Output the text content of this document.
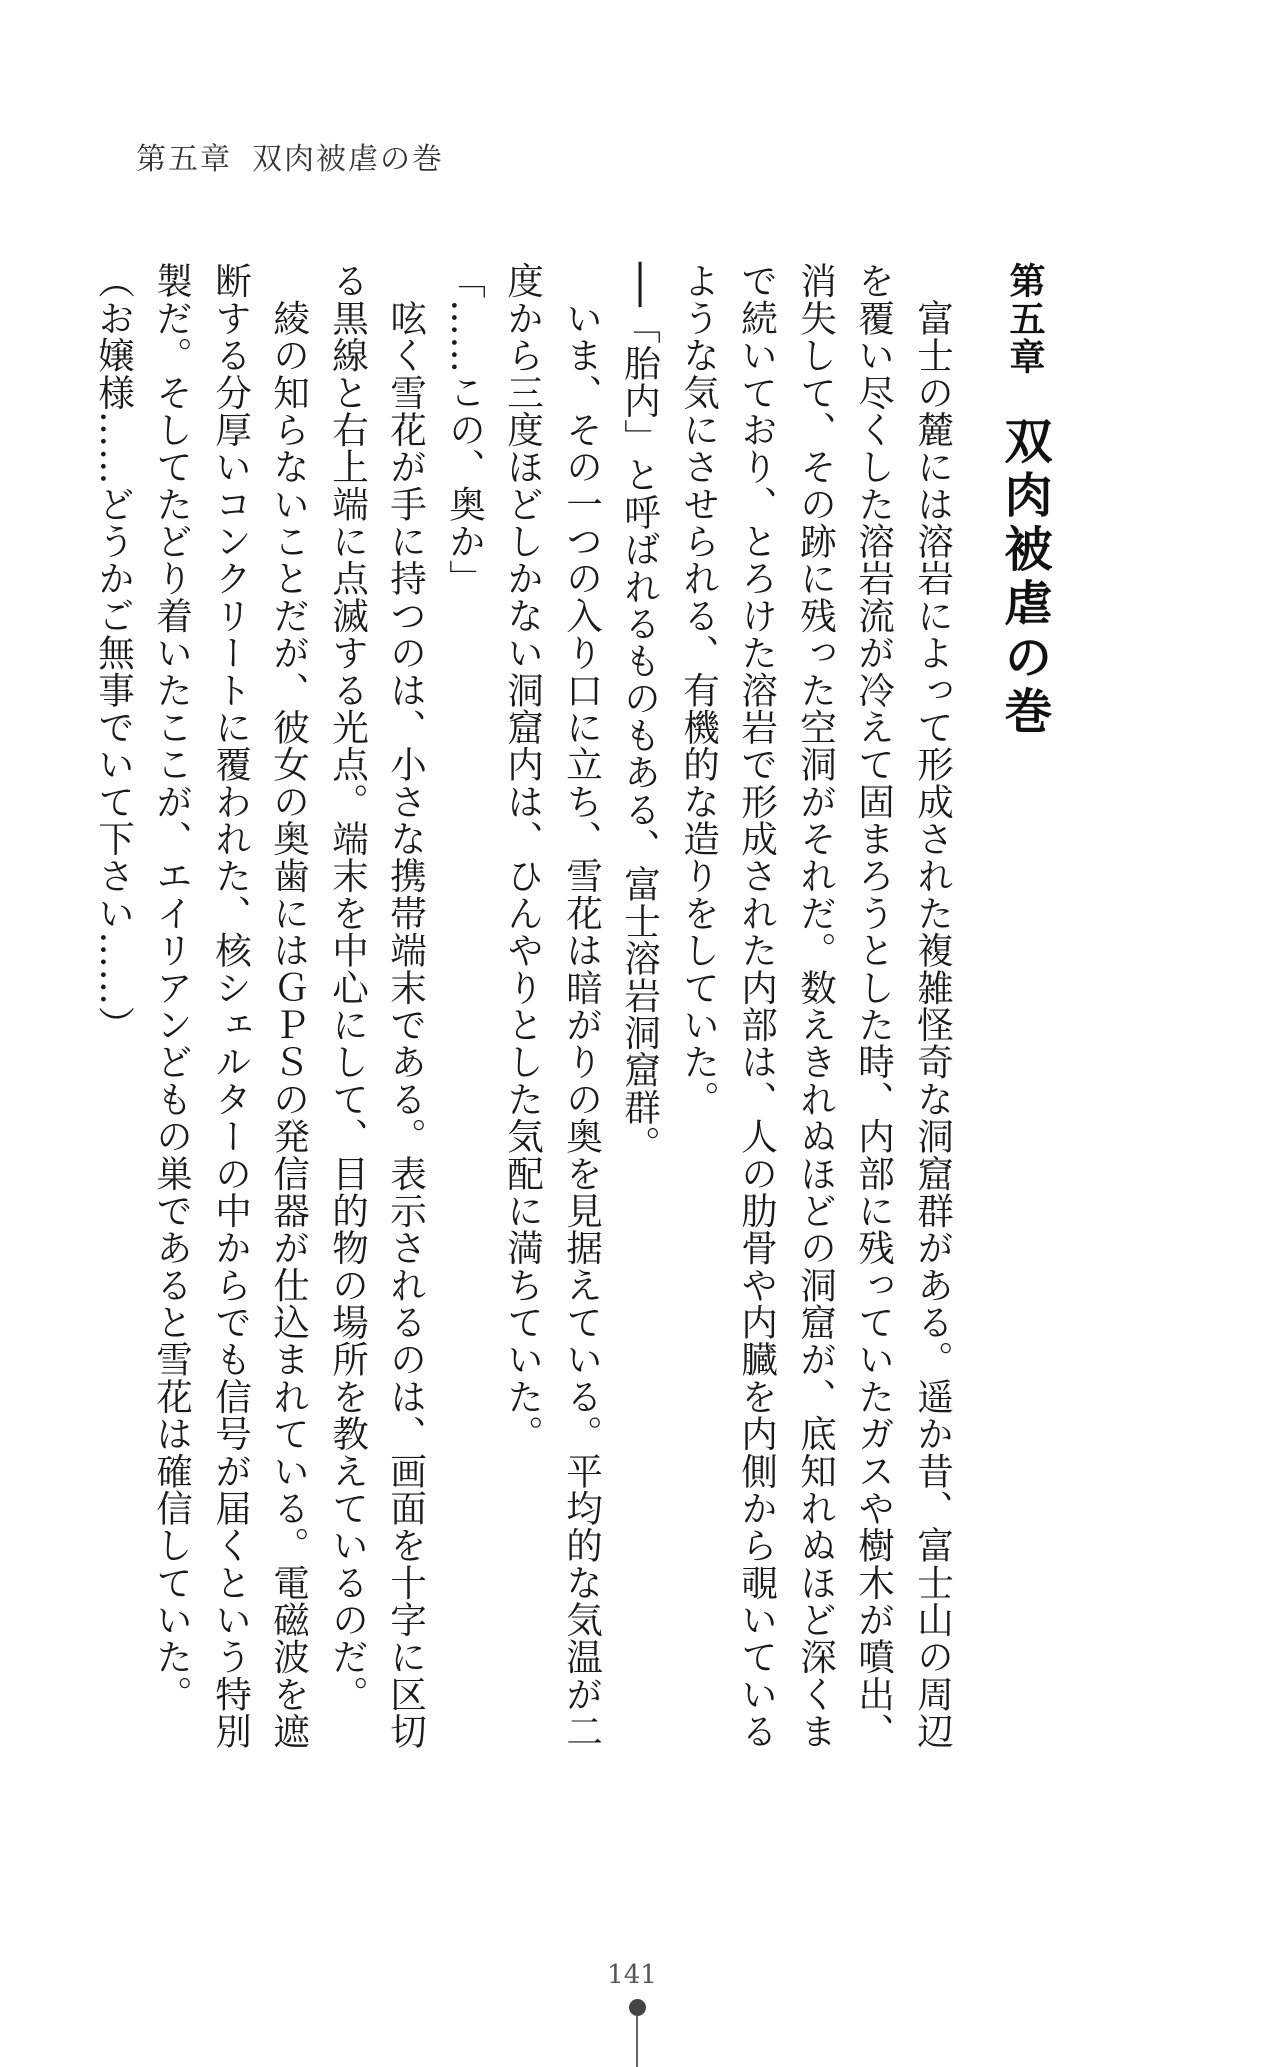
第五章 双肉被虐の巻
第五章双肉被虐の巻
　富士の麓には溶岩によって形成された複雑怪奇な洞窟群がある。遥か昔、富士山の周辺
を覆い尽くした溶岩流が冷えて固まろうとした時、内部に残っていたガスや樹木が噴出、
消失して、その跡に残った空洞がそれだ。数えきれぬほどの洞窟が、底知れぬほど深くま
で続いており、とろけた溶岩で形成された内部は、人の肋骨や内臓を内側から覗いている
ような気にさせられる、有機的な造りをしていた。
──「胎内」と呼ばれるものもある、富士溶岩洞窟群。
　いま、その一つの入り口に立ち、雪花は暗がりの奥を見据えている。平均的な気温が二
度から三度ほどしかない洞窟内は、ひんやりとした気配に満ちていた。
「……この、奥か」
　呟く雪花が手に持つのは、小さな携帯端末である。表示されるのは、画面を十字に区切
る黒線と右上端に点滅する光点。端末を中心にして、目的物の場所を教えているのだ。
　綾の知らないことだが、彼女の奥歯にはＧＰＳの発信器が仕込まれている。電磁波を遮
断する分厚いコンクリートに覆われた、核シェルターの中からでも信号が届くという特別
製だ。そしてたどり着いたここが、エイリアンどもの巣であると雪花は確信していた。
（お嬢様……どうかご無事でいて下さい……）
141
